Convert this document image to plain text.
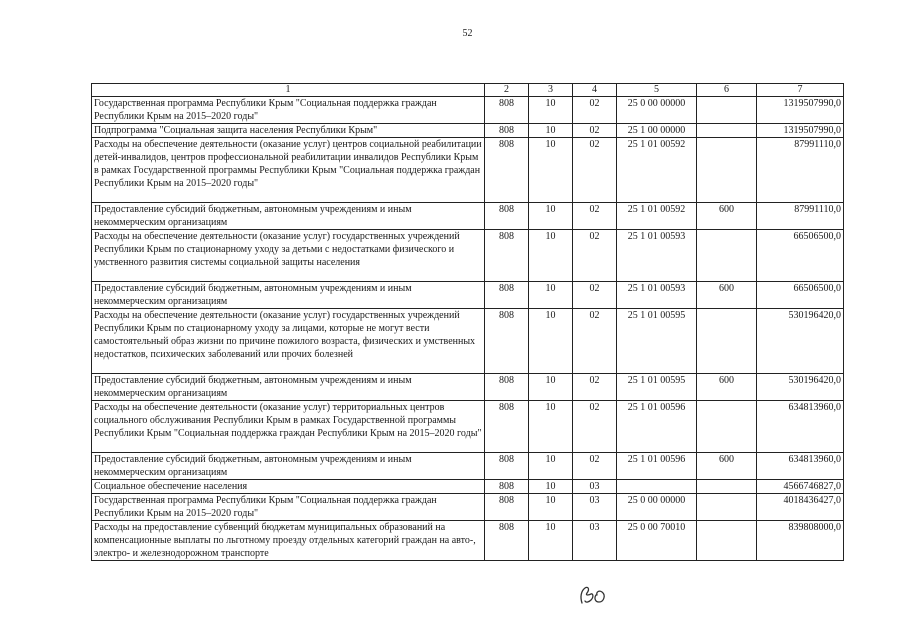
52
1	2	3	4	5	6	7
Государственная программа Республики Крым "Социальная поддержка граждан Республики Крым на 2015–2020 годы"	808	10	02	25 0 00 00000		1319507990,0
Подпрограмма "Социальная защита населения Республики Крым"	808	10	02	25 1 00 00000		1319507990,0
Расходы на обеспечение деятельности (оказание услуг) центров социальной реабилитации детей-инвалидов, центров профессиональной реабилитации инвалидов Республики Крым в рамках Государственной программы Республики Крым "Социальная поддержка граждан Республики Крым на 2015–2020 годы"	808	10	02	25 1 01 00592		87991110,0
Предоставление субсидий бюджетным, автономным учреждениям и иным некоммерческим организациям	808	10	02	25 1 01 00592	600	87991110,0
Расходы на обеспечение деятельности (оказание услуг) государственных учреждений Республики Крым по стационарному уходу за детьми с недостатками физического и умственного развития системы социальной защиты населения	808	10	02	25 1 01 00593		66506500,0
Предоставление субсидий бюджетным, автономным учреждениям и иным некоммерческим организациям	808	10	02	25 1 01 00593	600	66506500,0
Расходы на обеспечение деятельности (оказание услуг) государственных учреждений Республики Крым по стационарному уходу за лицами, которые не могут вести самостоятельный образ жизни по причине пожилого возраста, физических и умственных недостатков, психических заболеваний или прочих болезней	808	10	02	25 1 01 00595		530196420,0
Предоставление субсидий бюджетным, автономным учреждениям и иным некоммерческим организациям	808	10	02	25 1 01 00595	600	530196420,0
Расходы на обеспечение деятельности (оказание услуг) территориальных центров социального обслуживания Республики Крым в рамках Государственной программы Республики Крым "Социальная поддержка граждан Республики Крым на 2015–2020 годы"	808	10	02	25 1 01 00596		634813960,0
Предоставление субсидий бюджетным, автономным учреждениям и иным некоммерческим организациям	808	10	02	25 1 01 00596	600	634813960,0
Социальное обеспечение населения	808	10	03			4566746827,0
Государственная программа Республики Крым "Социальная поддержка граждан Республики Крым на 2015–2020 годы"	808	10	03	25 0 00 00000		4018436427,0
Расходы на предоставление субвенций бюджетам муниципальных образований на компенсационные выплаты по льготному проезду отдельных категорий граждан на авто-, электро- и железнодорожном транспорте	808	10	03	25 0 00 70010		839808000,0
